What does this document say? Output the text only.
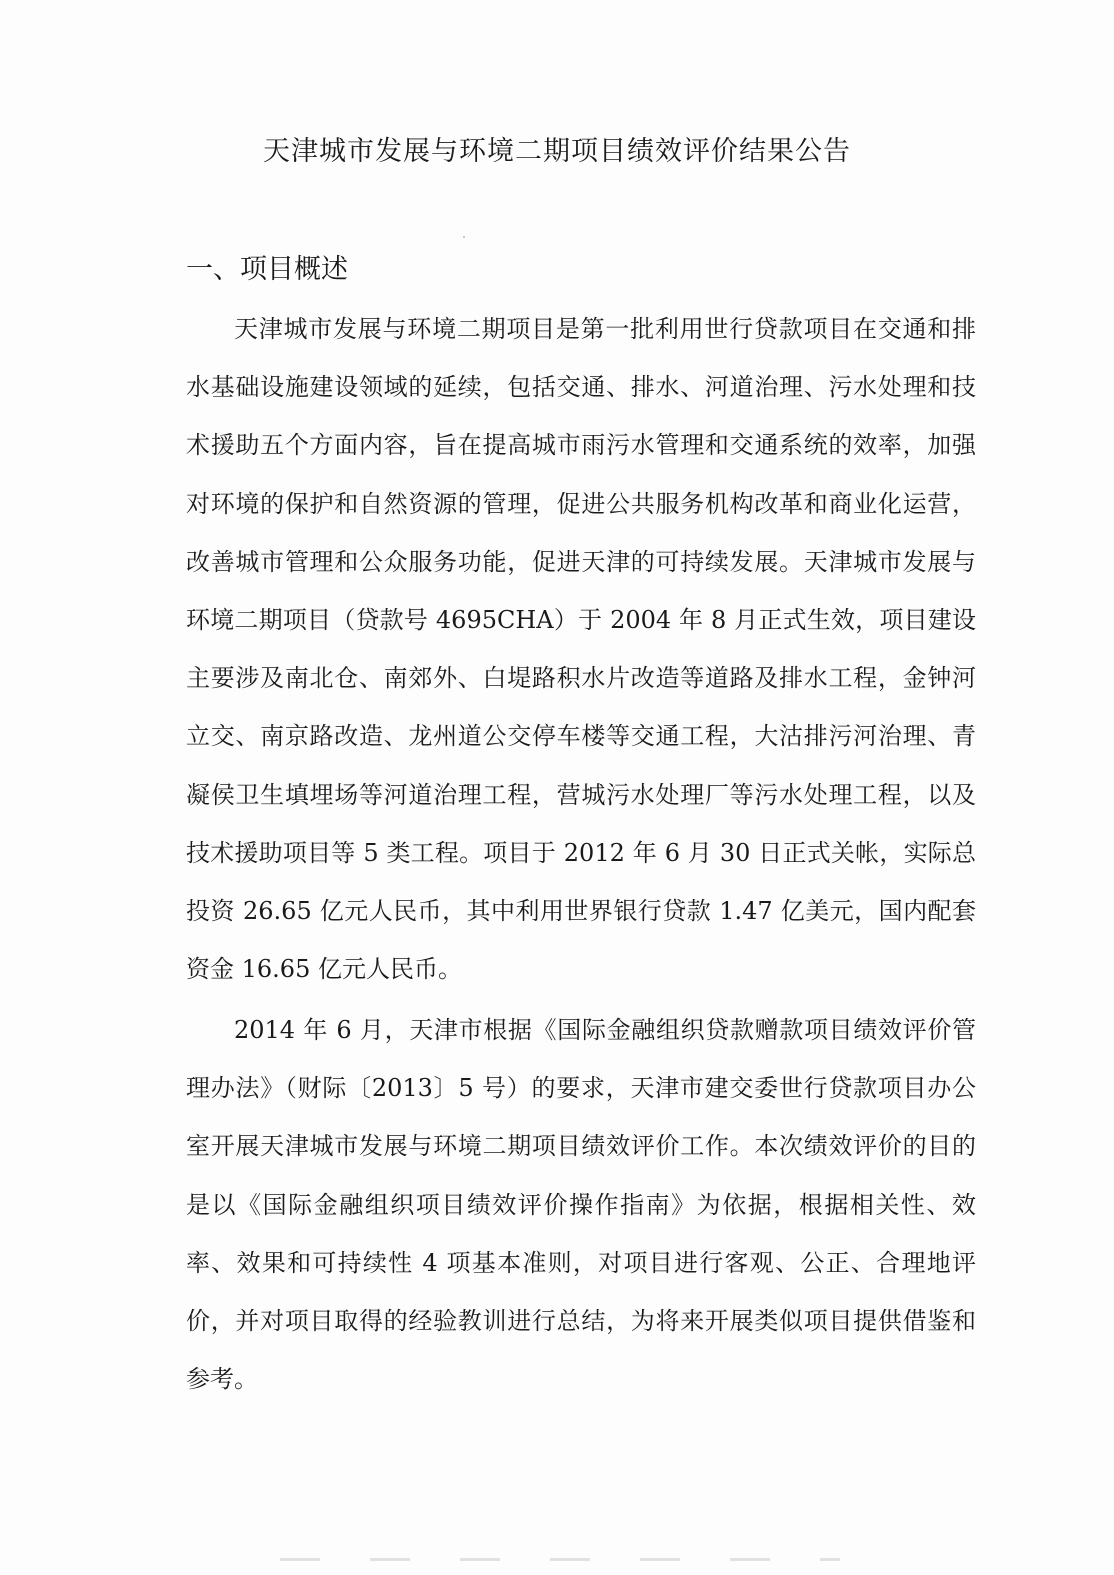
天津城市发展与环境二期项目绩效评价结果公告
一、项目概述

天津城市发展与环境二期项目是第一批利用世行贷款项目在交通和排水基础设施建设领域的延续，包括交通、排水、河道治理、污水处理和技术援助五个方面内容，旨在提高城市雨污水管理和交通系统的效率，加强对环境的保护和自然资源的管理，促进公共服务机构改革和商业化运营，改善城市管理和公众服务功能，促进天津的可持续发展。天津城市发展与环境二期项目（贷款号 4695CHA）于 2004 年 8 月正式生效，项目建设主要涉及南北仓、南郊外、白堤路积水片改造等道路及排水工程，金钟河立交、南京路改造、龙州道公交停车楼等交通工程，大沽排污河治理、青凝侯卫生填埋场等河道治理工程，营城污水处理厂等污水处理工程，以及技术援助项目等 5 类工程。项目于 2012 年 6 月 30 日正式关帐，实际总投资 26.65 亿元人民币，其中利用世界银行贷款 1.47 亿美元，国内配套资金 16.65 亿元人民币。

2014 年 6 月，天津市根据《国际金融组织贷款赠款项目绩效评价管理办法》（财际〔2013〕5 号）的要求，天津市建交委世行贷款项目办公室开展天津城市发展与环境二期项目绩效评价工作。本次绩效评价的目的是以《国际金融组织项目绩效评价操作指南》为依据，根据相关性、效率、效果和可持续性 4 项基本准则，对项目进行客观、公正、合理地评价，并对项目取得的经验教训进行总结，为将来开展类似项目提供借鉴和参考。
